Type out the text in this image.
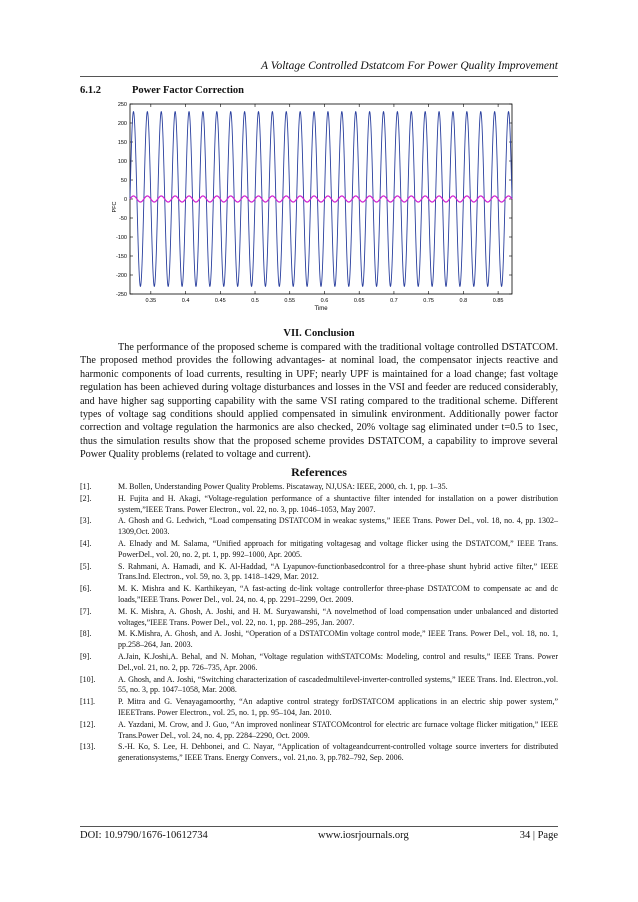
A Voltage Controlled Dstatcom For Power Quality Improvement
6.1.2	Power Factor Correction
250
200
150
100
50
0
-50
-100
-150
-200
-250
0.35	0.4	0.45	0.5	0.55	0.6	0.65	0.7	0.75	0.8	0.85
Time
PFC
VII. Conclusion

The performance of the proposed scheme is compared with the traditional voltage controlled DSTATCOM. The proposed method provides the following advantages- at nominal load, the compensator injects reactive and harmonic components of load currents, resulting in UPF; nearly UPF is maintained for a load change; fast voltage regulation has been achieved during voltage disturbances and losses in the VSI and feeder are reduced considerably, and have higher sag supporting capability with the same VSI rating compared to the traditional scheme. Different types of voltage sag conditions should applied compensated in simulink environment. Additionally power factor correction and voltage regulation the harmonics are also checked, 20% voltage sag eliminated under t=0.5 to 1sec, thus the simulation results show that the proposed scheme provides DSTATCOM, a capability to improve several Power Quality problems (related to voltage and current).

References
[1].	M. Bollen, Understanding Power Quality Problems. Piscataway, NJ,USA: IEEE, 2000, ch. 1, pp. 1–35.
[2].	H. Fujita and H. Akagi, “Voltage-regulation performance of a shuntactive filter intended for installation on a power distribution system,”IEEE Trans. Power Electron., vol. 22, no. 3, pp. 1046–1053, May 2007.
[3].	A. Ghosh and G. Ledwich, “Load compensating DSTATCOM in weakac systems,” IEEE Trans. Power Del., vol. 18, no. 4, pp. 1302–1309,Oct. 2003.
[4].	A. Elnady and M. Salama, “Unified approach for mitigating voltagesag and voltage flicker using the DSTATCOM,” IEEE Trans. PowerDel., vol. 20, no. 2, pt. 1, pp. 992–1000, Apr. 2005.
[5].	S. Rahmani, A. Hamadi, and K. Al-Haddad, “A Lyapunov-functionbasedcontrol for a three-phase shunt hybrid active filter,” IEEE Trans.Ind. Electron., vol. 59, no. 3, pp. 1418–1429, Mar. 2012.
[6].	M. K. Mishra and K. Karthikeyan, “A fast-acting dc-link voltage controllerfor three-phase DSTATCOM to compensate ac and dc loads,”IEEE Trans. Power Del., vol. 24, no. 4, pp. 2291–2299, Oct. 2009.
[7].	M. K. Mishra, A. Ghosh, A. Joshi, and H. M. Suryawanshi, “A novelmethod of load compensation under unbalanced and distorted voltages,”IEEE Trans. Power Del., vol. 22, no. 1, pp. 288–295, Jan. 2007.
[8].	M. K.Mishra, A. Ghosh, and A. Joshi, “Operation of a DSTATCOMin voltage control mode,” IEEE Trans. Power Del., vol. 18, no. 1, pp.258–264, Jan. 2003.
[9].	A.Jain, K.Joshi,A. Behal, and N. Mohan, “Voltage regulation withSTATCOMs: Modeling, control and results,” IEEE Trans. Power Del.,vol. 21, no. 2, pp. 726–735, Apr. 2006.
[10].	A. Ghosh, and A. Joshi, “Switching characterization of cascadedmultilevel-inverter-controlled systems,” IEEE Trans. Ind. Electron.,vol. 55, no. 3, pp. 1047–1058, Mar. 2008.
[11].	P. Mitra and G. Venayagamoorthy, “An adaptive control strategy forDSTATCOM applications in an electric ship power system,” IEEETrans. Power Electron., vol. 25, no. 1, pp. 95–104, Jan. 2010.
[12].	A. Yazdani, M. Crow, and J. Guo, “An improved nonlinear STATCOMcontrol for electric arc furnace voltage flicker mitigation,” IEEE Trans.Power Del., vol. 24, no. 4, pp. 2284–2290, Oct. 2009.
[13].	S.-H. Ko, S. Lee, H. Dehbonei, and C. Nayar, “Application of voltageandcurrent-controlled voltage source inverters for distributed generationsystems,” IEEE Trans. Energy Convers., vol. 21,no. 3, pp.782–792, Sep. 2006.
DOI: 10.9790/1676-10612734	www.iosrjournals.org	34 | Page
